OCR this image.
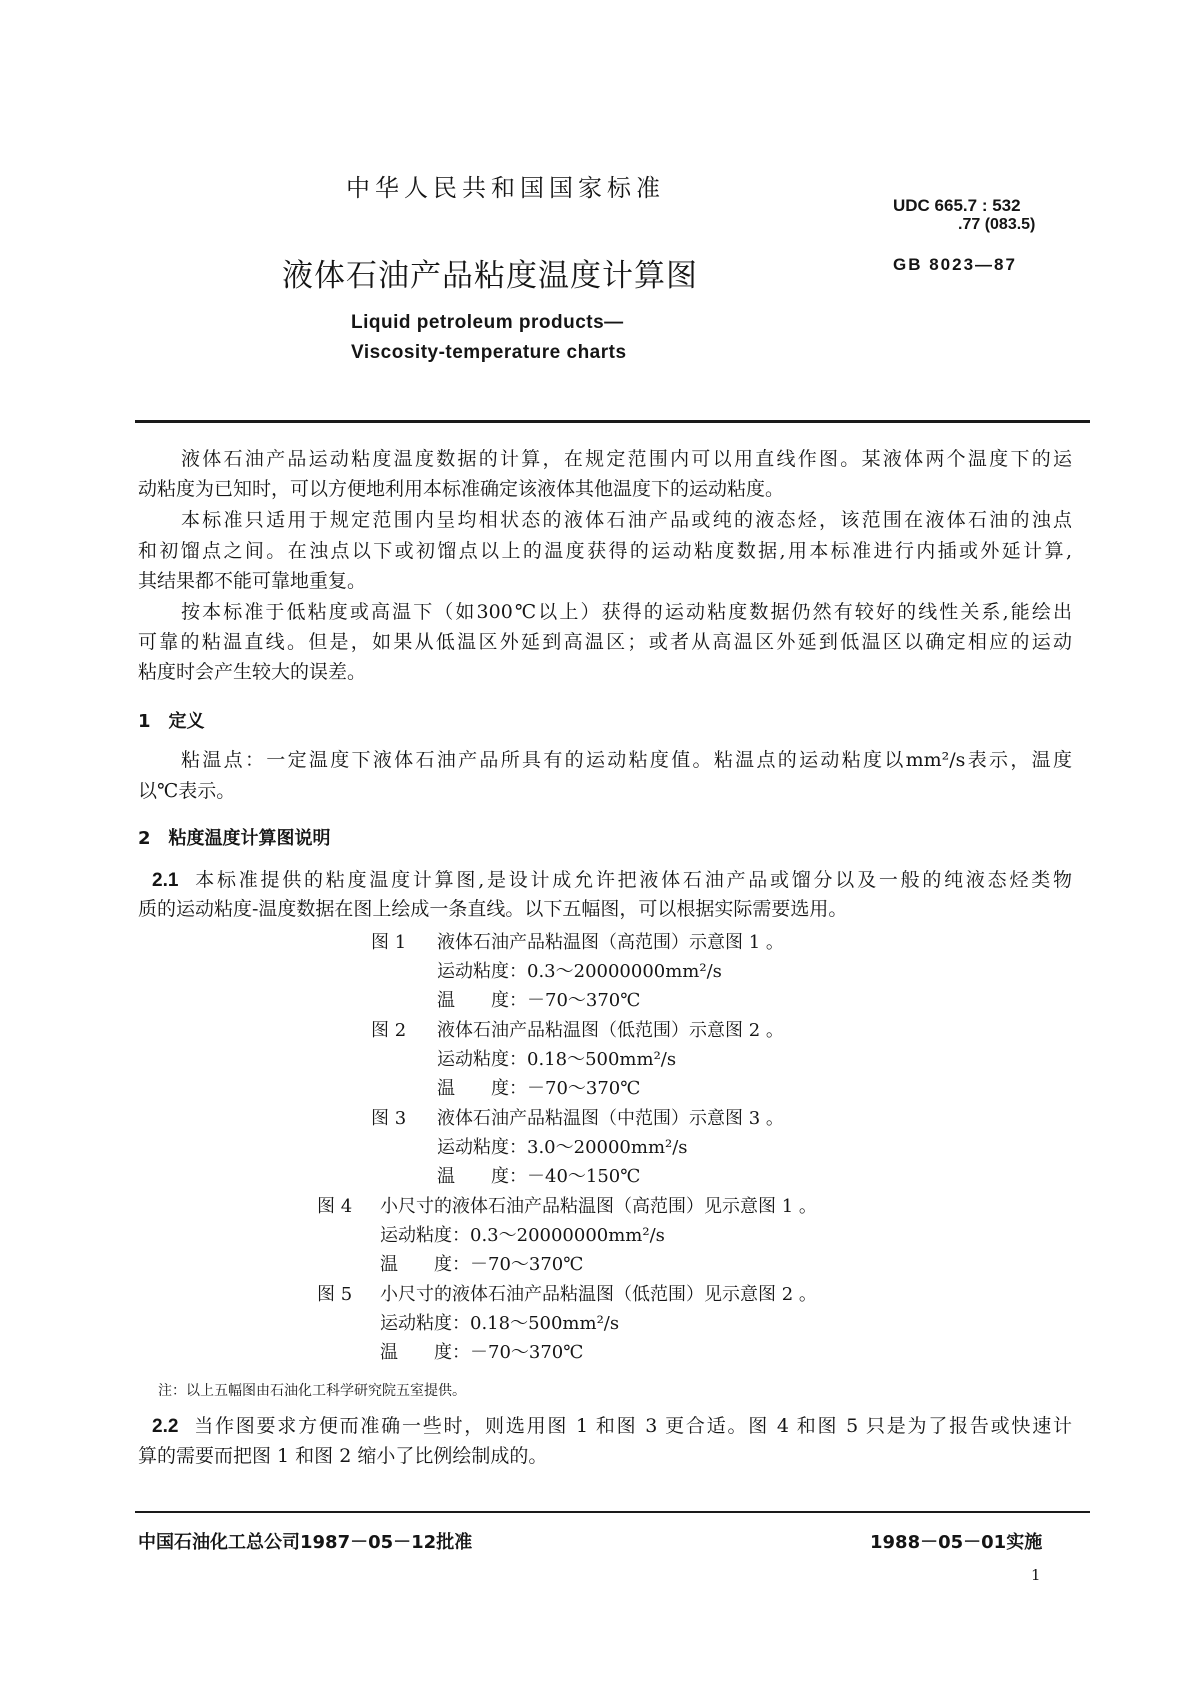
中华人民共和国国家标准
UDC 665.7 : 532
.77 (083.5)
液体石油产品粘度温度计算图	GB 8023—87
Liquid petroleum products—
Viscosity-temperature charts
液体石油产品运动粘度温度数据的计算，在规定范围内可以用直线作图。某液体两个温度下的运
动粘度为已知时，可以方便地利用本标准确定该液体其他温度下的运动粘度。
本标准只适用于规定范围内呈均相状态的液体石油产品或纯的液态烃，该范围在液体石油的浊点
和初馏点之间。在浊点以下或初馏点以上的温度获得的运动粘度数据,用本标准进行内插或外延计算,
其结果都不能可靠地重复。
按本标准于低粘度或高温下（如300℃以上）获得的运动粘度数据仍然有较好的线性关系,能绘出
可靠的粘温直线。但是，如果从低温区外延到高温区；或者从高温区外延到低温区以确定相应的运动
粘度时会产生较大的误差。
1 定义
粘温点：一定温度下液体石油产品所具有的运动粘度值。粘温点的运动粘度以mm²/s表示，温度
以℃表示。
2 粘度温度计算图说明
2.1 本标准提供的粘度温度计算图,是设计成允许把液体石油产品或馏分以及一般的纯液态烃类物
质的运动粘度-温度数据在图上绘成一条直线。以下五幅图，可以根据实际需要选用。
图 1 液体石油产品粘温图（高范围）示意图 1 。
运动粘度：0.3～20000000mm²/s
温　　度：－70～370℃
图 2 液体石油产品粘温图（低范围）示意图 2 。
运动粘度：0.18～500mm²/s
温　　度：－70～370℃
图 3 液体石油产品粘温图（中范围）示意图 3 。
运动粘度：3.0～20000mm²/s
温　　度：－40～150℃
图 4 小尺寸的液体石油产品粘温图（高范围）见示意图 1 。
运动粘度：0.3～20000000mm²/s
温　　度：－70～370℃
图 5 小尺寸的液体石油产品粘温图（低范围）见示意图 2 。
运动粘度：0.18～500mm²/s
温　　度：－70～370℃
注：以上五幅图由石油化工科学研究院五室提供。
2.2 当作图要求方便而准确一些时，则选用图 1 和图 3 更合适。图 4 和图 5 只是为了报告或快速计
算的需要而把图 1 和图 2 缩小了比例绘制成的。
中国石油化工总公司1987－05－12批准	1988－05－01实施
1
